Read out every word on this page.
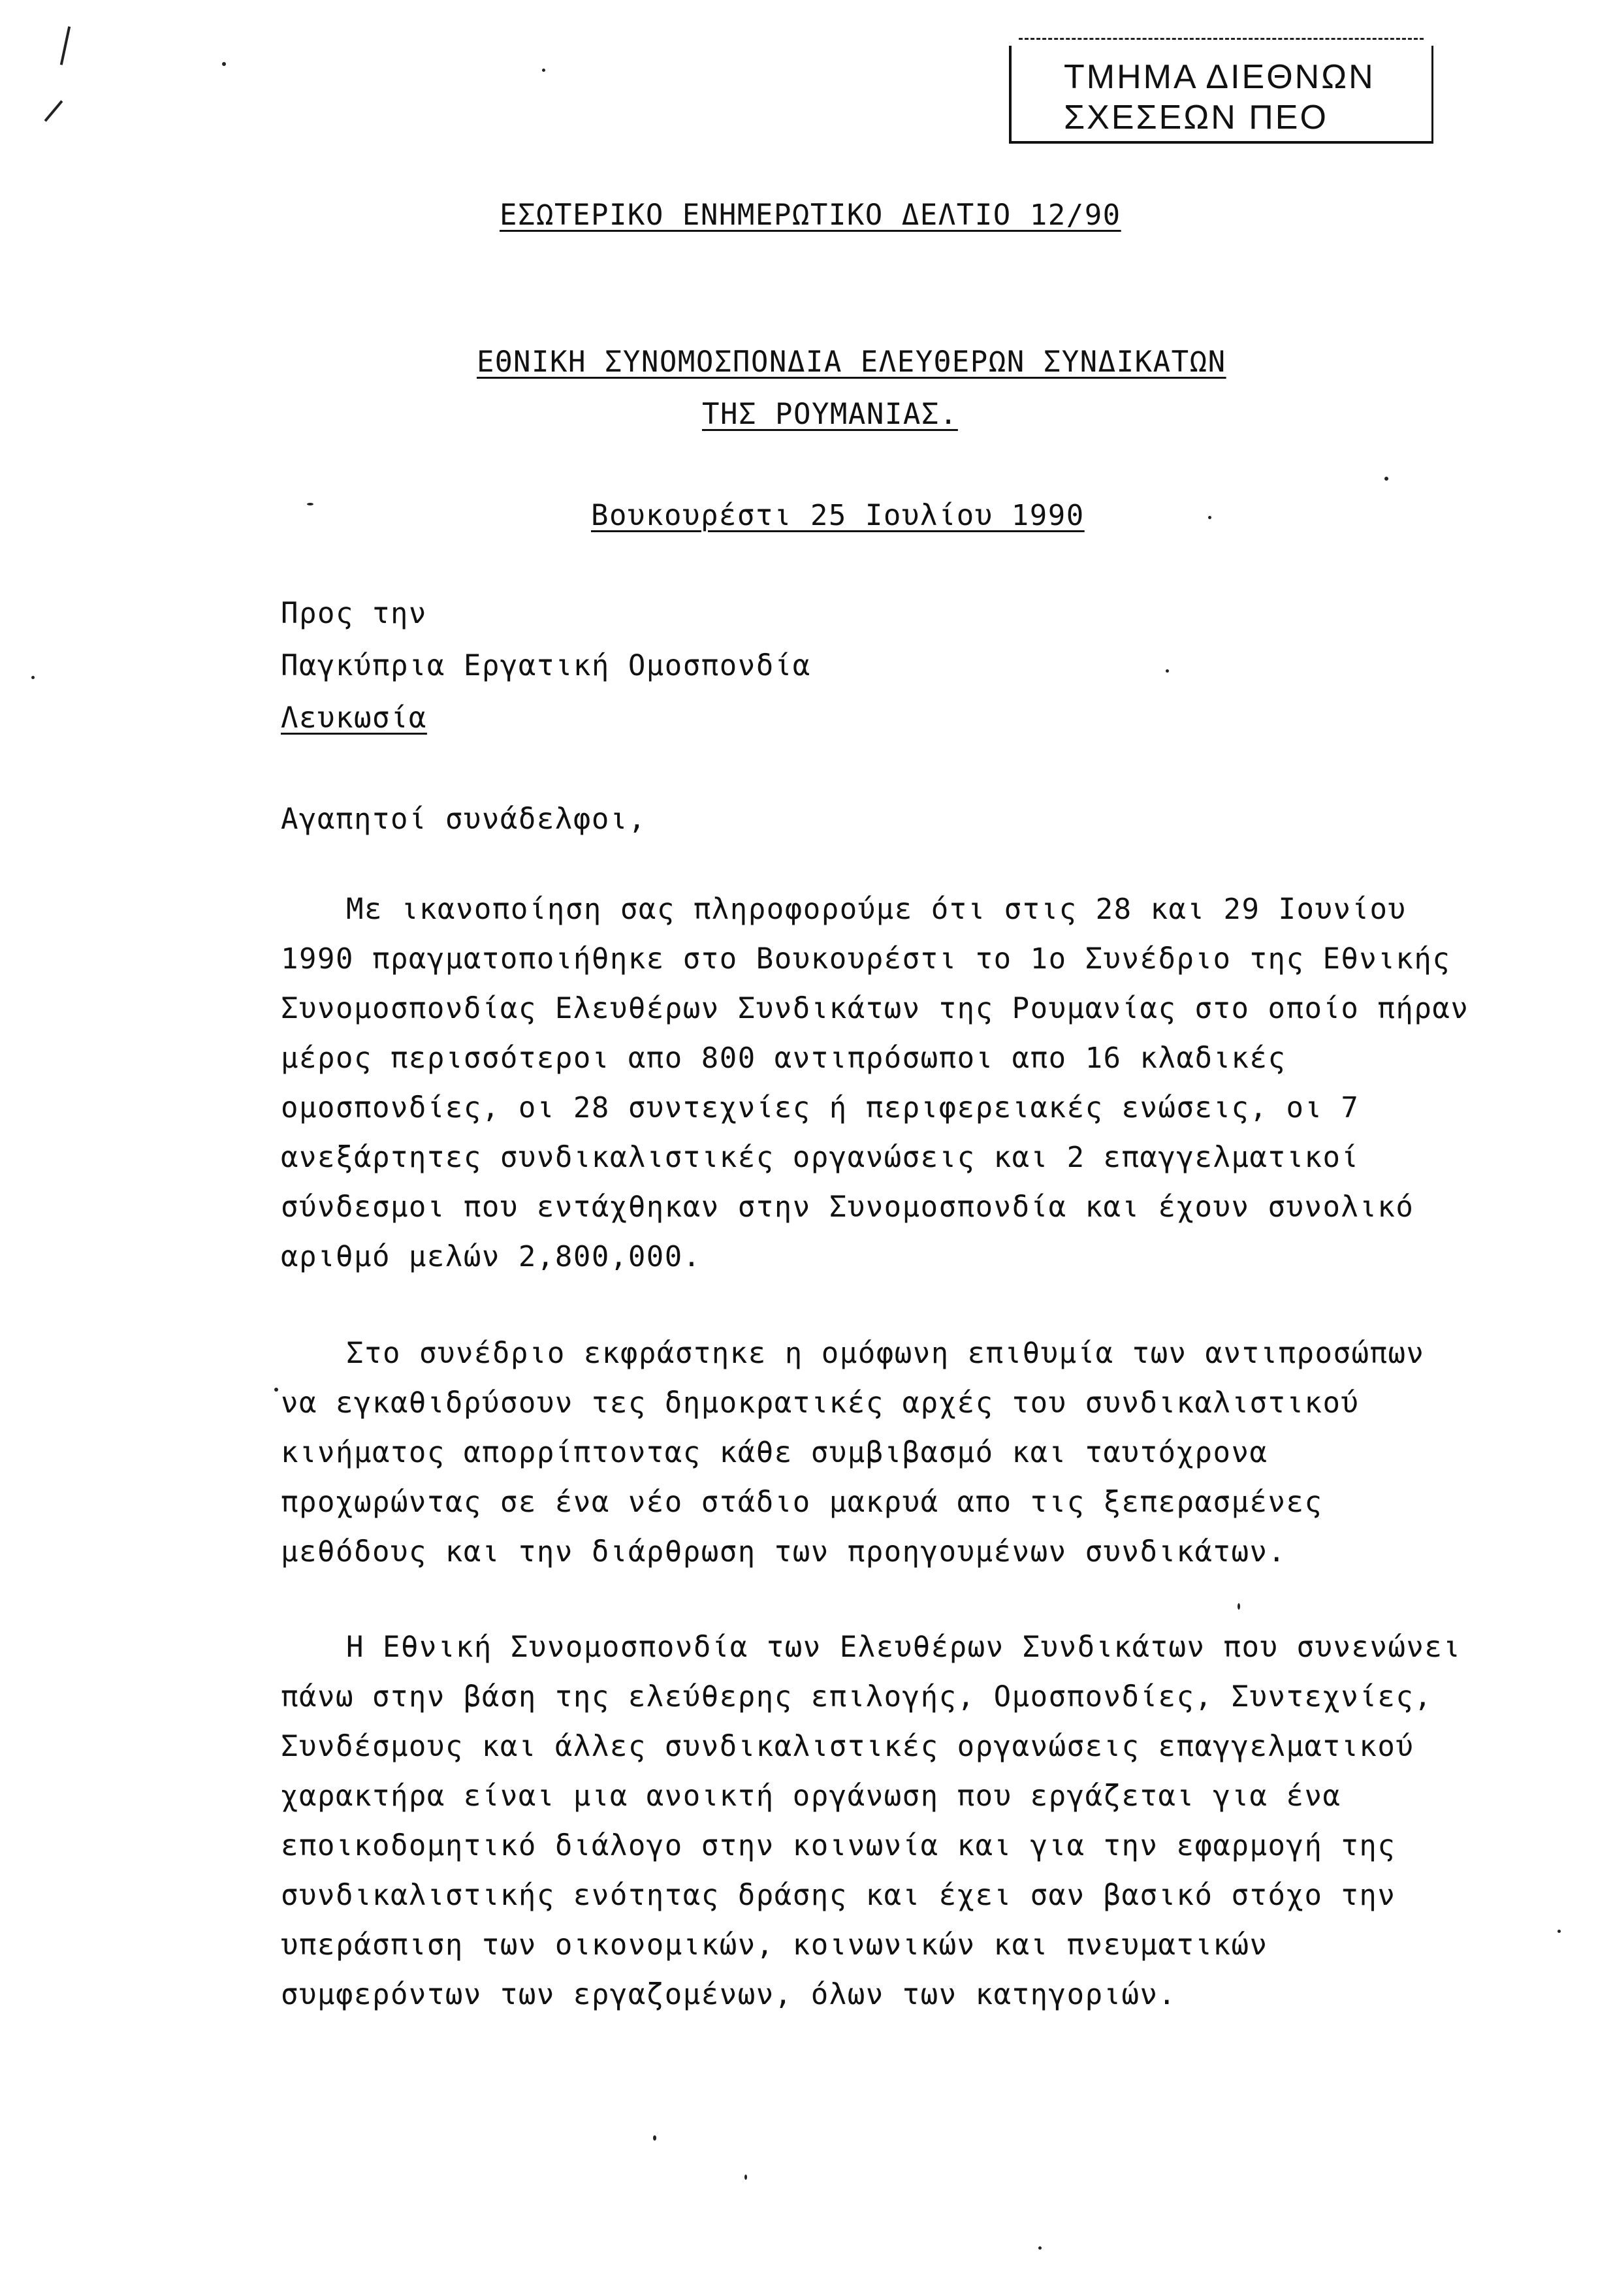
ΤΜΗΜΑ ΔΙΕΘΝΩΝ
ΣΧΕΣΕΩΝ ΠΕΟ
ΕΣΩΤΕΡΙΚΟ ΕΝΗΜΕΡΩΤΙΚΟ ΔΕΛΤΙΟ 12/90
ΕΘΝΙΚΗ ΣΥΝΟΜΟΣΠΟΝΔΙΑ ΕΛΕΥΘΕΡΩΝ ΣΥΝΔΙΚΑΤΩΝ
ΤΗΣ ΡΟΥΜΑΝΙΑΣ.
Βουκουρέστι 25 Ιουλίου 1990
Προς την
Παγκύπρια Εργατική Ομοσπονδία
Λευκωσία
Αγαπητοί συνάδελφοι,
Με ικανοποίηση σας πληροφορούμε ότι στις 28 και 29 Ιουνίου
1990 πραγματοποιήθηκε στο Βουκουρέστι το 1ο Συνέδριο της Εθνικής
Συνομοσπονδίας Ελευθέρων Συνδικάτων της Ρουμανίας στο οποίο πήραν
μέρος περισσότεροι απο 800 αντιπρόσωποι απο 16 κλαδικές
ομοσπονδίες, οι 28 συντεχνίες ή περιφερειακές ενώσεις, οι 7
ανεξάρτητες συνδικαλιστικές οργανώσεις και 2 επαγγελματικοί
σύνδεσμοι που εντάχθηκαν στην Συνομοσπονδία και έχουν συνολικό
αριθμό μελών 2,800,000.
Στο συνέδριο εκφράστηκε η ομόφωνη επιθυμία των αντιπροσώπων
να εγκαθιδρύσουν τες δημοκρατικές αρχές του συνδικαλιστικού
κινήματος απορρίπτοντας κάθε συμβιβασμό και ταυτόχρονα
προχωρώντας σε ένα νέο στάδιο μακρυά απο τις ξεπερασμένες
μεθόδους και την διάρθρωση των προηγουμένων συνδικάτων.
Η Εθνική Συνομοσπονδία των Ελευθέρων Συνδικάτων που συνενώνει
πάνω στην βάση της ελεύθερης επιλογής, Ομοσπονδίες, Συντεχνίες,
Συνδέσμους και άλλες συνδικαλιστικές οργανώσεις επαγγελματικού
χαρακτήρα είναι μια ανοικτή οργάνωση που εργάζεται για ένα
εποικοδομητικό διάλογο στην κοινωνία και για την εφαρμογή της
συνδικαλιστικής ενότητας δράσης και έχει σαν βασικό στόχο την
υπεράσπιση των οικονομικών, κοινωνικών και πνευματικών
συμφερόντων των εργαζομένων, όλων των κατηγοριών.
